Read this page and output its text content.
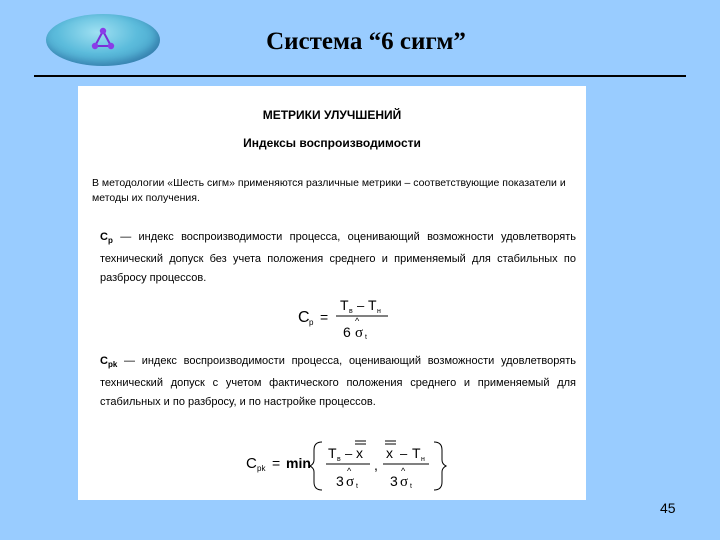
Система “6 сигм”
МЕТРИКИ УЛУЧШЕНИЙ
Индексы воспроизводимости
В методологии «Шесть сигм» применяются различные метрики – соответствующие показатели и методы их получения.
$C_p$ — индекс воспроизводимости процесса, оценивающий возможности удовлетворять технический допуск без учета положения среднего и применяемый для стабильных по разбросу процессов.
C p =
T в – T н
6 σ t
^
$C_{pk}$ — индекс воспроизводимости процесса, оценивающий возможности удовлетворять технический допуск с учетом фактического положения среднего и применяемый для стабильных и по разбросу, и по настройке процессов.
C pk = min
T в – x
3 σ t
^ ,
x – T н
3 σ t
^
45
